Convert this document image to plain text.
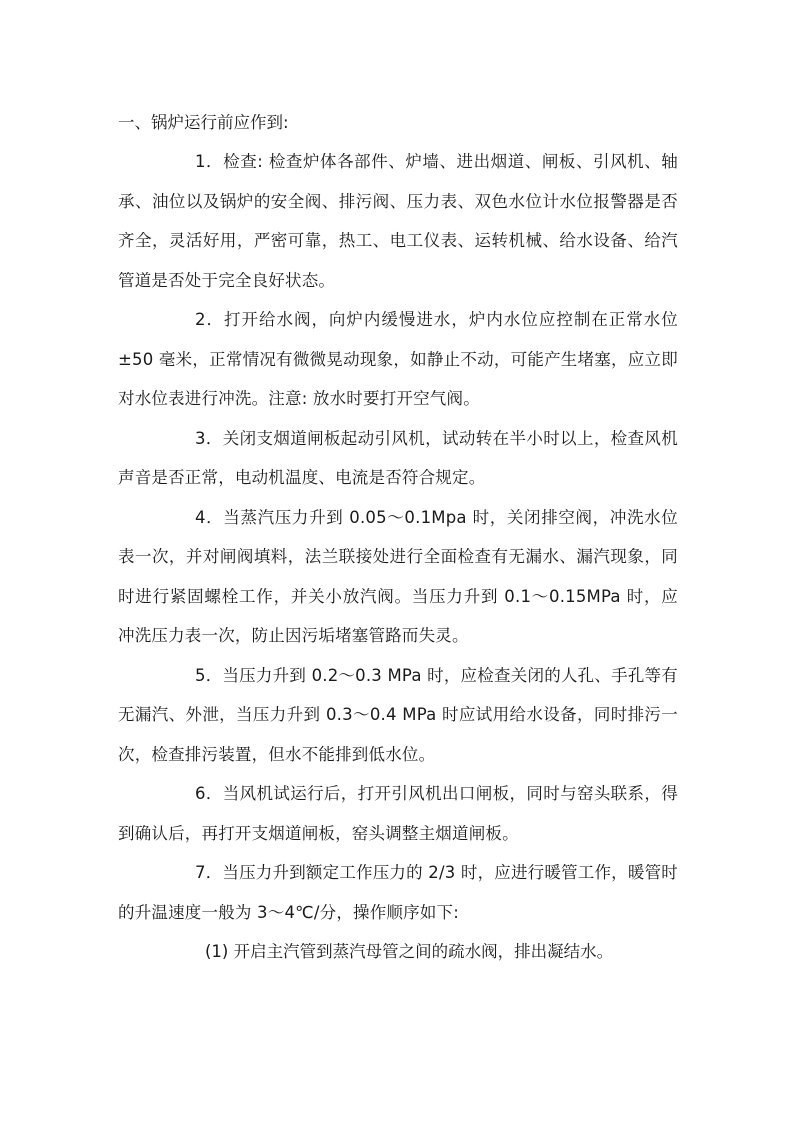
一、锅炉运行前应作到:

1．检查: 检查炉体各部件、炉墙、进出烟道、闸板、引风机、轴承、油位以及锅炉的安全阀、排污阀、压力表、双色水位计水位报警器是否齐全，灵活好用，严密可靠，热工、电工仪表、运转机械、给水设备、给汽管道是否处于完全良好状态。

2．打开给水阀，向炉内缓慢进水，炉内水位应控制在正常水位±50 毫米，正常情况有微微晃动现象，如静止不动，可能产生堵塞，应立即对水位表进行冲洗。注意: 放水时要打开空气阀。

3．关闭支烟道闸板起动引风机，试动转在半小时以上，检查风机声音是否正常，电动机温度、电流是否符合规定。

4．当蒸汽压力升到 0.05～0.1Mpa 时，关闭排空阀，冲洗水位表一次，并对闸阀填料，法兰联接处进行全面检查有无漏水、漏汽现象，同时进行紧固螺栓工作，并关小放汽阀。当压力升到 0.1～0.15MPa 时，应冲洗压力表一次，防止因污垢堵塞管路而失灵。

5．当压力升到 0.2～0.3 MPa 时，应检查关闭的人孔、手孔等有无漏汽、外泄，当压力升到 0.3～0.4 MPa 时应试用给水设备，同时排污一次，检查排污装置，但水不能排到低水位。

6．当风机试运行后，打开引风机出口闸板，同时与窑头联系，得到确认后，再打开支烟道闸板，窑头调整主烟道闸板。

7．当压力升到额定工作压力的 2/3 时，应进行暖管工作，暖管时的升温速度一般为 3～4℃/分，操作顺序如下:

(1) 开启主汽管到蒸汽母管之间的疏水阀，排出凝结水。
